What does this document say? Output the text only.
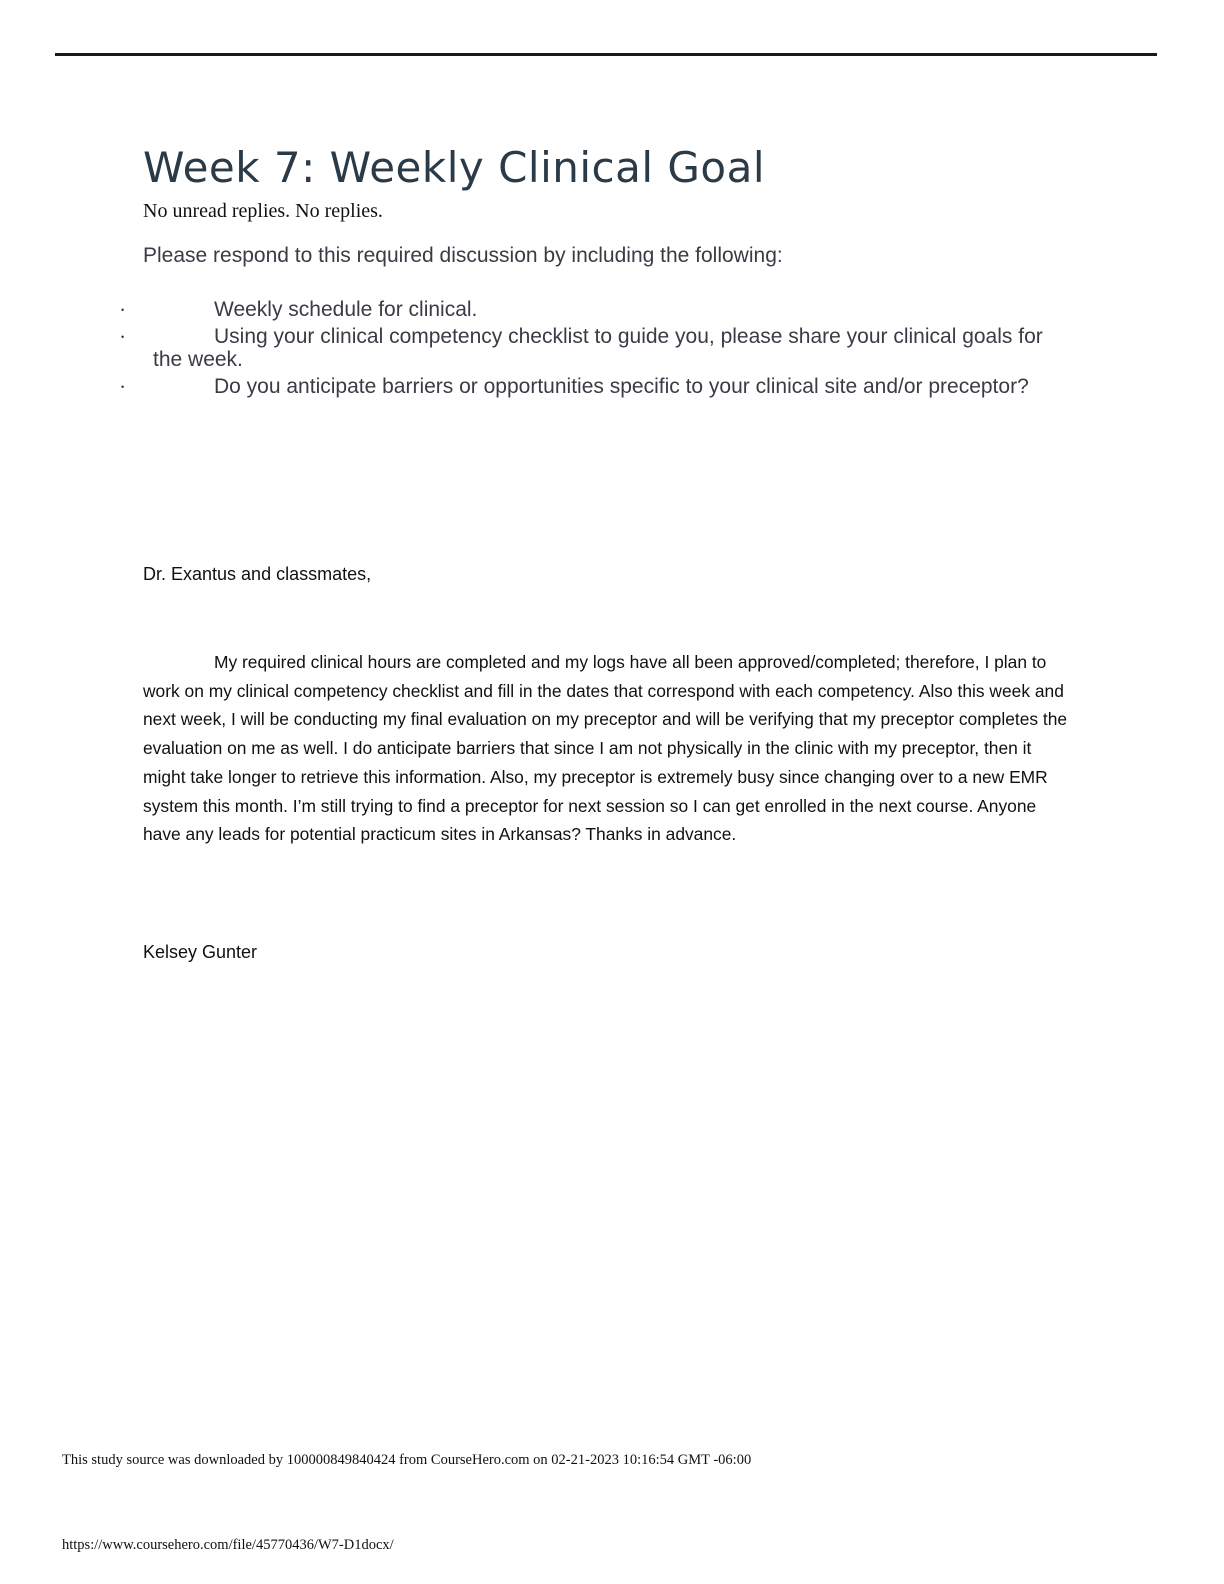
Week 7: Weekly Clinical Goal
No unread replies. No replies.
Please respond to this required discussion by including the following:
•	Weekly schedule for clinical.
•	Using your clinical competency checklist to guide you, please share your clinical goals for the week.
•	Do you anticipate barriers or opportunities specific to your clinical site and/or preceptor?
Dr. Exantus and classmates,

My required clinical hours are completed and my logs have all been approved/completed; therefore, I plan to work on my clinical competency checklist and fill in the dates that correspond with each competency. Also this week and next week, I will be conducting my final evaluation on my preceptor and will be verifying that my preceptor completes the evaluation on me as well. I do anticipate barriers that since I am not physically in the clinic with my preceptor, then it might take longer to retrieve this information. Also, my preceptor is extremely busy since changing over to a new EMR system this month. I’m still trying to find a preceptor for next session so I can get enrolled in the next course. Anyone have any leads for potential practicum sites in Arkansas? Thanks in advance.

Kelsey Gunter
This study source was downloaded by 100000849840424 from CourseHero.com on 02-21-2023 10:16:54 GMT -06:00
https://www.coursehero.com/file/45770436/W7-D1docx/
